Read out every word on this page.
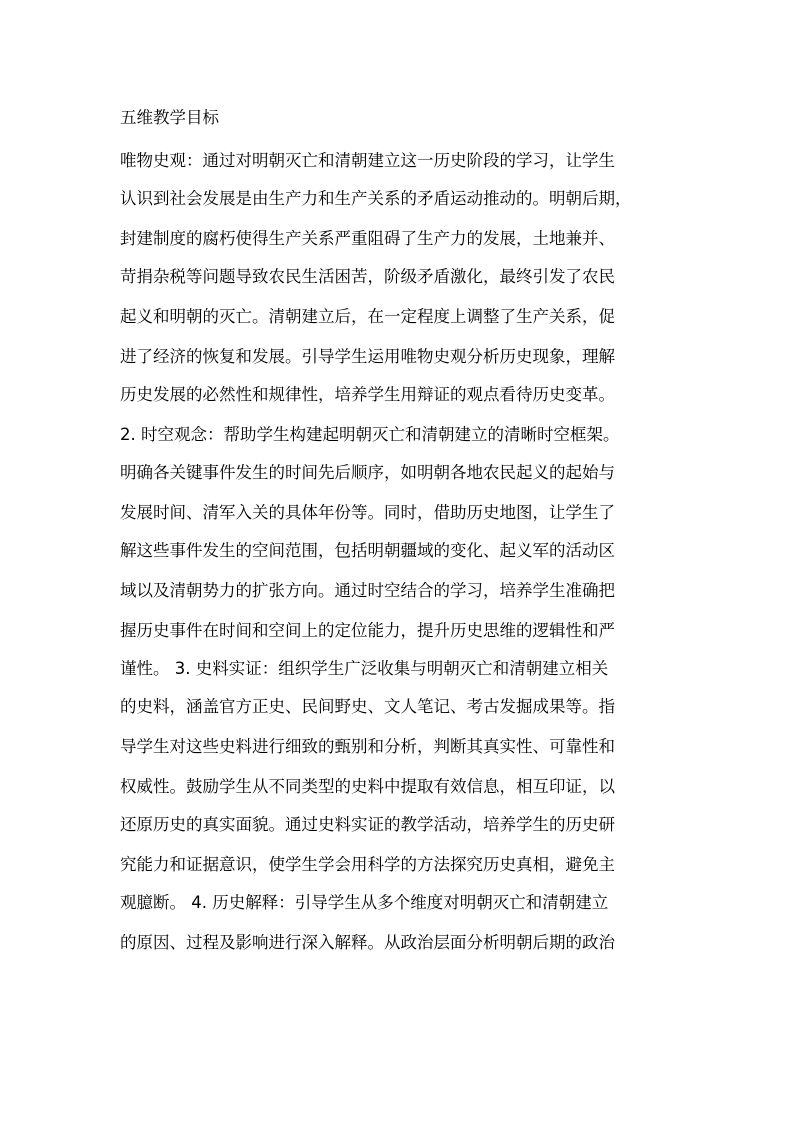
五维教学目标
唯物史观：通过对明朝灭亡和清朝建立这一历史阶段的学习，让学生
认识到社会发展是由生产力和生产关系的矛盾运动推动的。明朝后期，
封建制度的腐朽使得生产关系严重阻碍了生产力的发展，土地兼并、
苛捐杂税等问题导致农民生活困苦，阶级矛盾激化，最终引发了农民
起义和明朝的灭亡。清朝建立后，在一定程度上调整了生产关系，促
进了经济的恢复和发展。引导学生运用唯物史观分析历史现象，理解
历史发展的必然性和规律性，培养学生用辩证的观点看待历史变革。
2. 时空观念：帮助学生构建起明朝灭亡和清朝建立的清晰时空框架。
明确各关键事件发生的时间先后顺序，如明朝各地农民起义的起始与
发展时间、清军入关的具体年份等。同时，借助历史地图，让学生了
解这些事件发生的空间范围，包括明朝疆域的变化、起义军的活动区
域以及清朝势力的扩张方向。通过时空结合的学习，培养学生准确把
握历史事件在时间和空间上的定位能力，提升历史思维的逻辑性和严
谨性。 3. 史料实证：组织学生广泛收集与明朝灭亡和清朝建立相关
的史料，涵盖官方正史、民间野史、文人笔记、考古发掘成果等。指
导学生对这些史料进行细致的甄别和分析，判断其真实性、可靠性和
权威性。鼓励学生从不同类型的史料中提取有效信息，相互印证，以
还原历史的真实面貌。通过史料实证的教学活动，培养学生的历史研
究能力和证据意识，使学生学会用科学的方法探究历史真相，避免主
观臆断。 4. 历史解释：引导学生从多个维度对明朝灭亡和清朝建立
的原因、过程及影响进行深入解释。从政治层面分析明朝后期的政治
